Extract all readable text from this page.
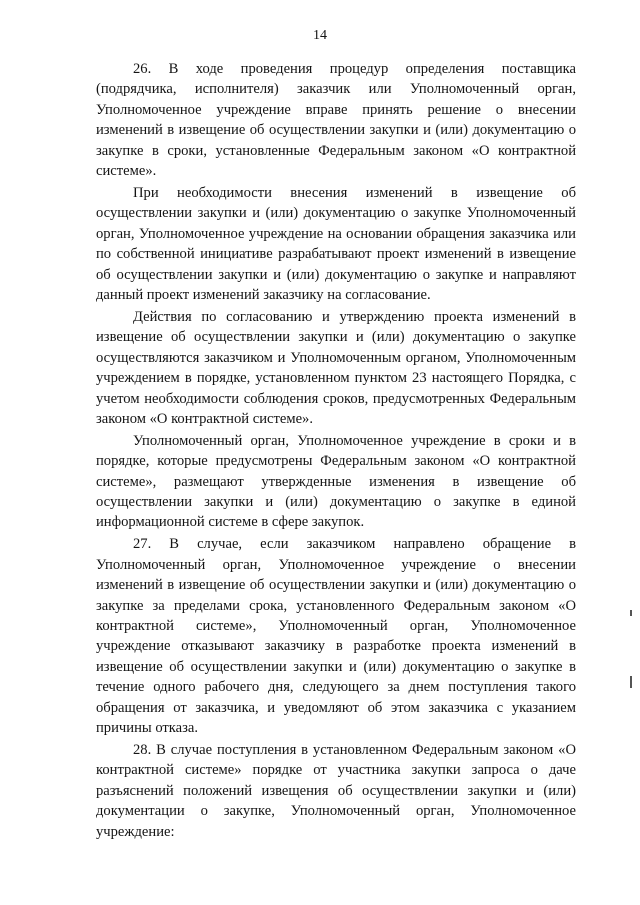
14

26. В ходе проведения процедур определения поставщика (подрядчика, исполнителя) заказчик или Уполномоченный орган, Уполномоченное учреждение вправе принять решение о внесении изменений в извещение об осуществлении закупки и (или) документацию о закупке в сроки, установленные Федеральным законом «О контрактной системе».

При необходимости внесения изменений в извещение об осуществлении закупки и (или) документацию о закупке Уполномоченный орган, Уполномоченное учреждение на основании обращения заказчика или по собственной инициативе разрабатывают проект изменений в извещение об осуществлении закупки и (или) документацию о закупке и направляют данный проект изменений заказчику на согласование.

Действия по согласованию и утверждению проекта изменений в извещение об осуществлении закупки и (или) документацию о закупке осуществляются заказчиком и Уполномоченным органом, Уполномоченным учреждением в порядке, установленном пунктом 23 настоящего Порядка, с учетом необходимости соблюдения сроков, предусмотренных Федеральным законом «О контрактной системе».

Уполномоченный орган, Уполномоченное учреждение в сроки и в порядке, которые предусмотрены Федеральным законом «О контрактной системе», размещают утвержденные изменения в извещение об осуществлении закупки и (или) документацию о закупке в единой информационной системе в сфере закупок.

27. В случае, если заказчиком направлено обращение в Уполномоченный орган, Уполномоченное учреждение о внесении изменений в извещение об осуществлении закупки и (или) документацию о закупке за пределами срока, установленного Федеральным законом «О контрактной системе», Уполномоченный орган, Уполномоченное учреждение отказывают заказчику в разработке проекта изменений в извещение об осуществлении закупки и (или) документацию о закупке в течение одного рабочего дня, следующего за днем поступления такого обращения от заказчика, и уведомляют об этом заказчика с указанием причины отказа.

28. В случае поступления в установленном Федеральным законом «О контрактной системе» порядке от участника закупки запроса о даче разъяснений положений извещения об осуществлении закупки и (или) документации о закупке, Уполномоченный орган, Уполномоченное учреждение:
